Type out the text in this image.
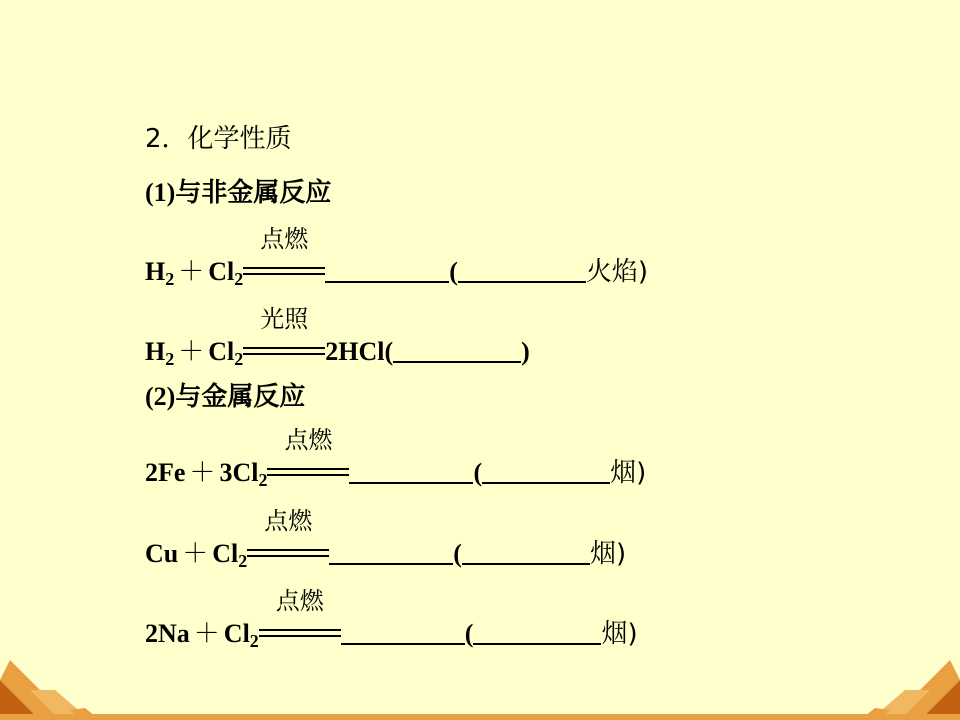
2．化学性质
(1)与非金属反应
$H_2 + Cl_2$
点燃
(	火焰)
$H_2 + Cl_2$
光照
2HCl(	)
(2)与金属反应
$2Fe + 3Cl_2$
点燃
(	烟)
$Cu + Cl_2$
点燃
(	烟)
$2Na + Cl_2$
点燃
(	烟)
